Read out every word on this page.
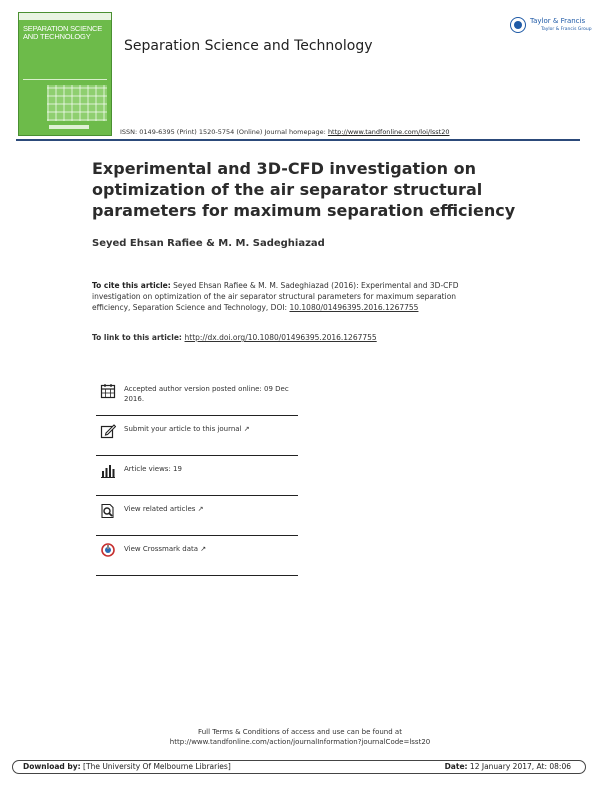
SEPARATION SCIENCE AND TECHNOLOGY
Separation Science and Technology
Taylor & Francis
Taylor & Francis Group
ISSN: 0149-6395 (Print) 1520-5754 (Online) Journal homepage: http://www.tandfonline.com/loi/lsst20
Experimental and 3D-CFD investigation on optimization of the air separator structural parameters for maximum separation efficiency
Seyed Ehsan Rafiee & M. M. Sadeghiazad
To cite this article: Seyed Ehsan Rafiee & M. M. Sadeghiazad (2016): Experimental and 3D-CFD investigation on optimization of the air separator structural parameters for maximum separation efficiency, Separation Science and Technology, DOI: 10.1080/01496395.2016.1267755
To link to this article: http://dx.doi.org/10.1080/01496395.2016.1267755
Accepted author version posted online: 09 Dec 2016.
Submit your article to this journal ↗
Article views: 19
View related articles ↗
View Crossmark data ↗
Full Terms & Conditions of access and use can be found at
http://www.tandfonline.com/action/journalInformation?journalCode=lsst20
Download by: [The University Of Melbourne Libraries]	Date: 12 January 2017, At: 08:06
